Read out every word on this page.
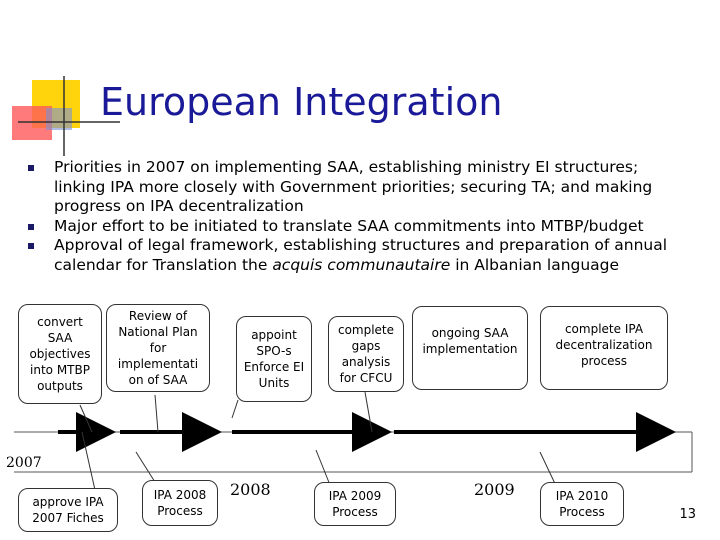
European Integration

Priorities in 2007 on implementing SAA, establishing ministry EI structures; linking IPA more closely with Government priorities; securing TA; and making progress on IPA decentralization

Major effort to be initiated to translate SAA commitments into MTBP/budget

Approval of legal framework, establishing structures and preparation of annual calendar for Translation the acquis communautaire in Albanian language

convert SAA objectives into MTBP outputs
Review of National Plan for implementati on of SAA
appoint SPO-s Enforce EI Units
complete gaps analysis for CFCU
ongoing SAA implementation
complete IPA decentralization process
2007
2008	2009
approve IPA 2007 Fiches
IPA 2008 Process
IPA 2009 Process
IPA 2010 Process	13
